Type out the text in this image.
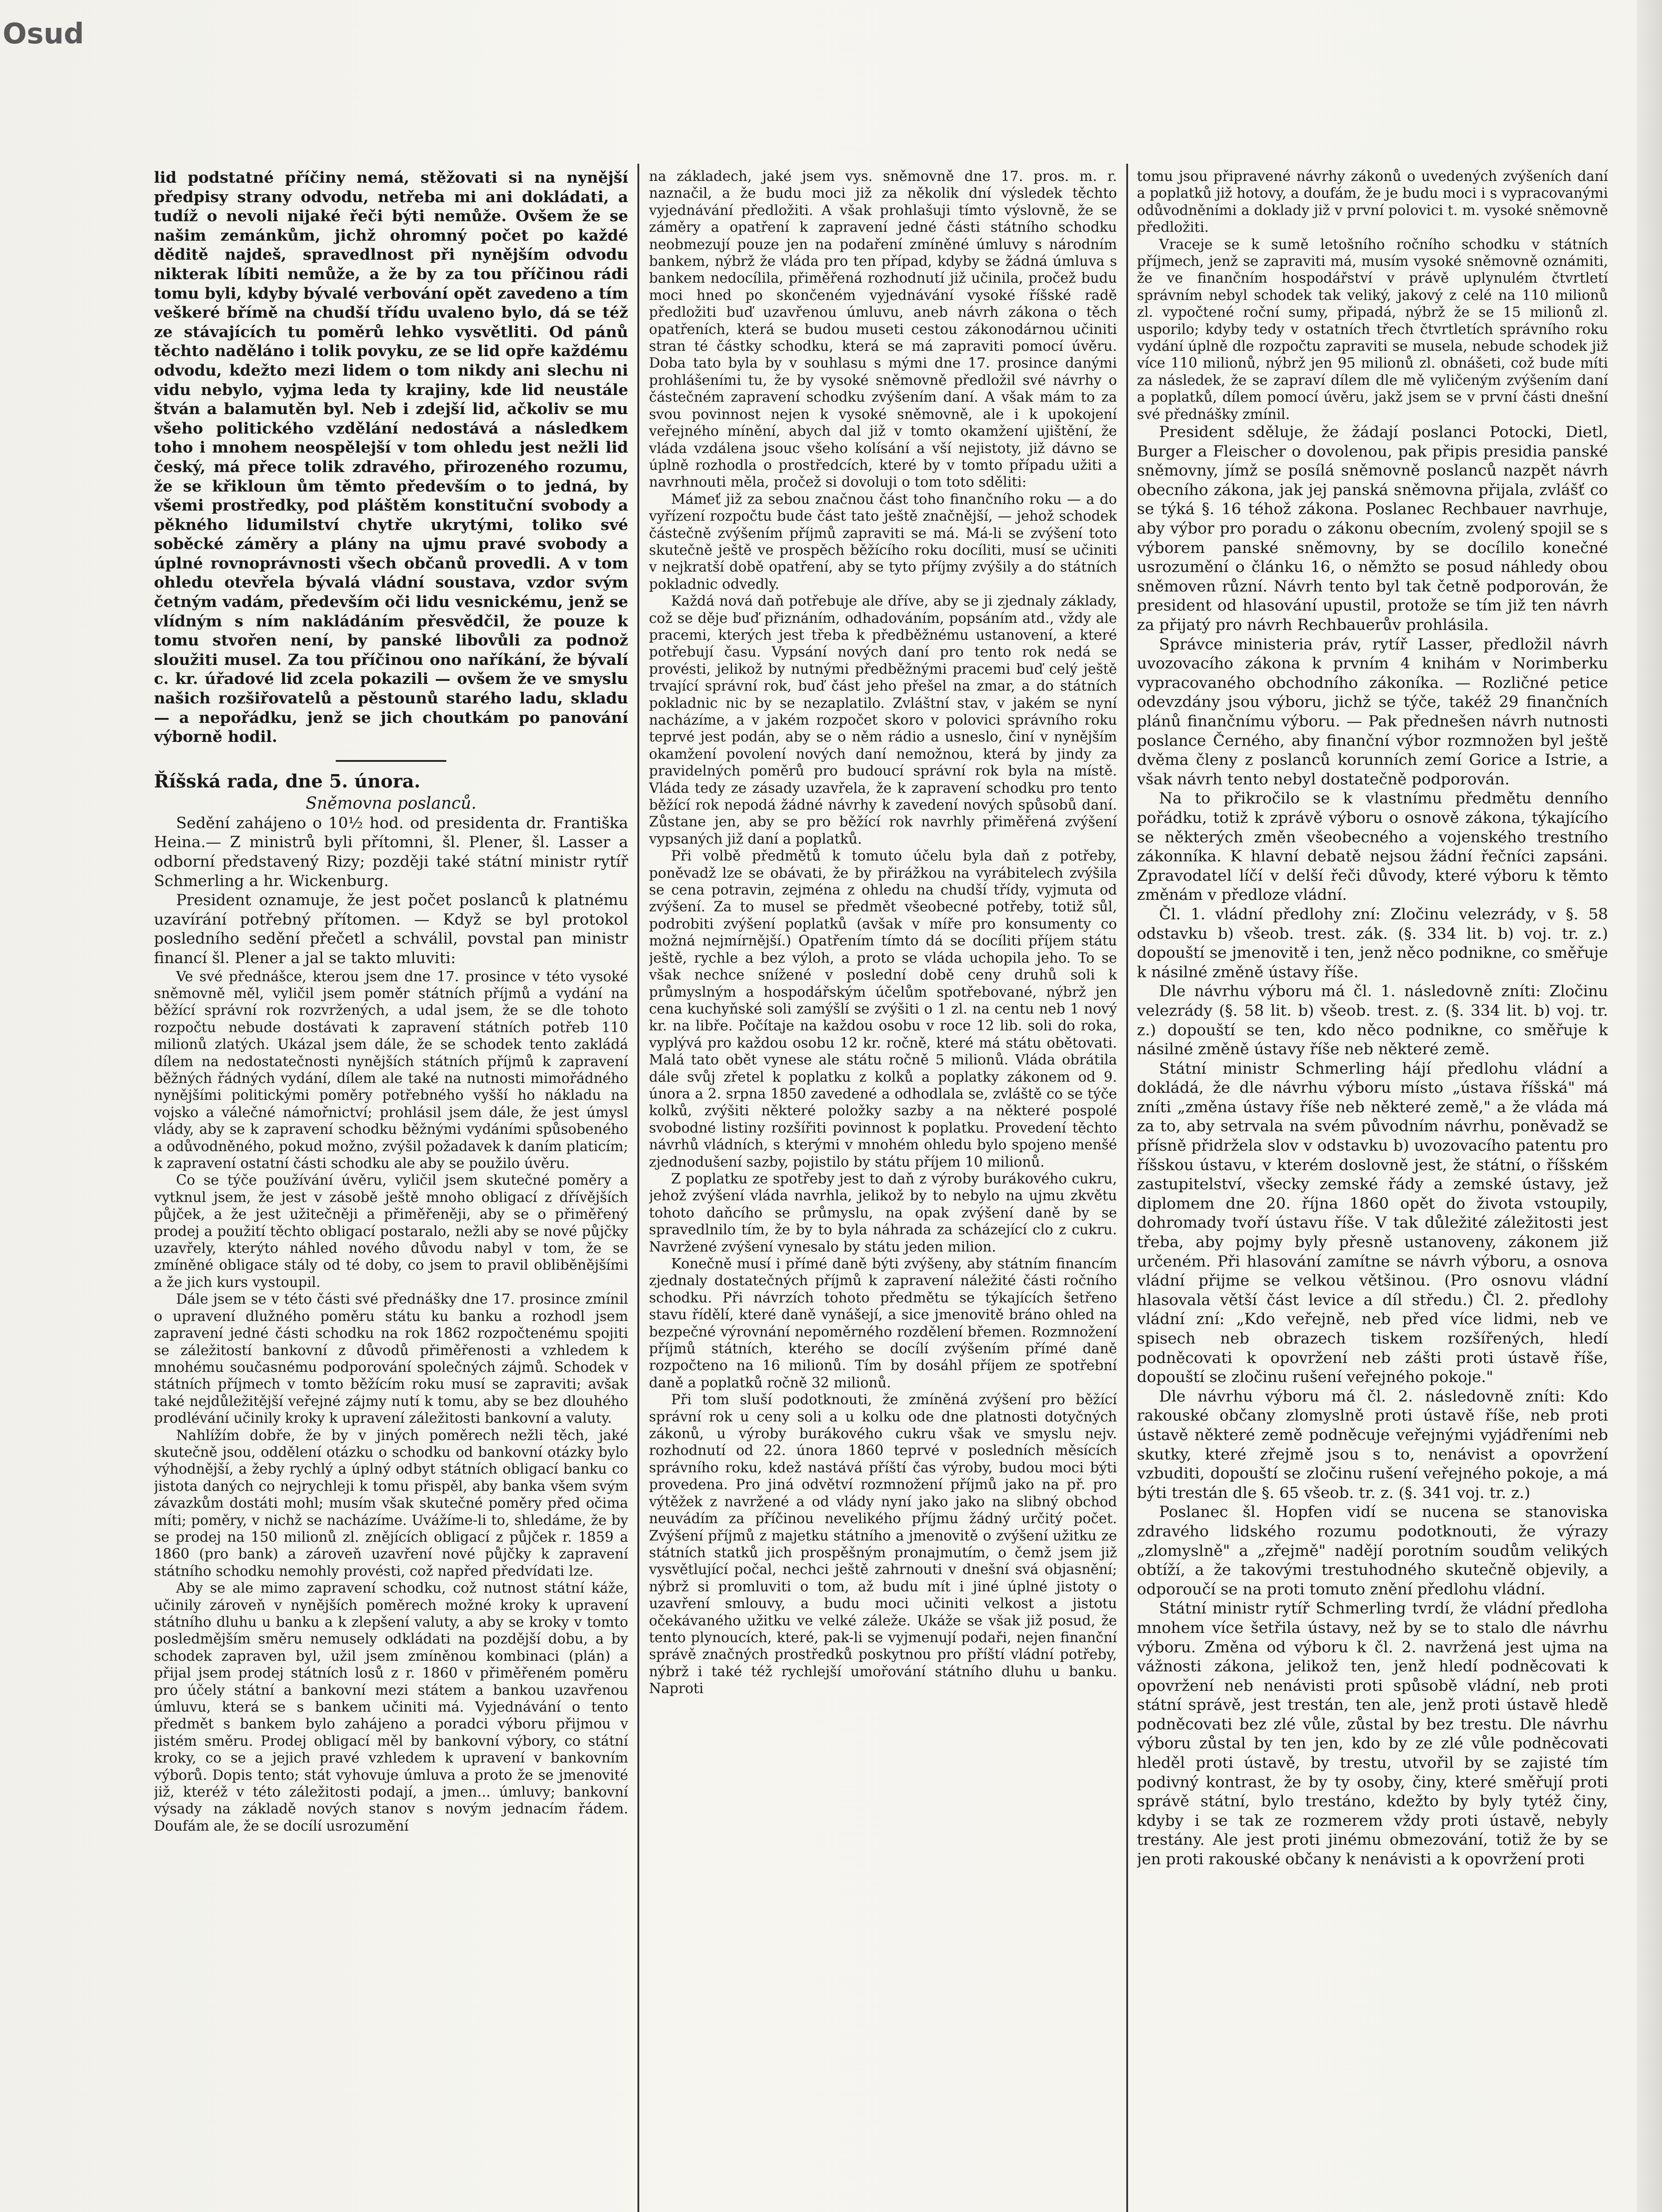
Osud

lid podstatné příčiny nemá, stěžovati si na nynější předpisy strany odvodu, netřeba mi ani dokládati, a tudíž o nevoli nijaké řeči býti nemůže. Ovšem že se našim zemánkům, jichž ohromný počet po každé děditě najdeš, spravedlnost při nynějším odvodu nikterak líbiti nemůže, a že by za tou příčinou rádi tomu byli, kdyby bývalé verbování opět zavedeno a tím veškeré břímě na chudší třídu uvaleno bylo, dá se též ze stávajících tu poměrů lehko vysvětliti. Od pánů těchto naděláno i tolik povyku, ze se lid opře každému odvodu, kdežto mezi lidem o tom nikdy ani slechu ni vidu nebylo, vyjma leda ty krajiny, kde lid neustále štván a balamutěn byl. Neb i zdejší lid, ačkoliv se mu všeho politického vzdělání nedostává a následkem toho i mnohem neospělejší v tom ohledu jest nežli lid český, má přece tolik zdravého, přirozeného rozumu, že se křikloun ům těmto především o to jedná, by všemi prostředky, pod pláštěm konstituční svobody a pěkného lidumilství chytře ukrytými, toliko své soběcké záměry a plány na ujmu pravé svobody a úplné rovnoprávnosti všech občanů provedli. A v tom ohledu otevřela bývalá vládní soustava, vzdor svým četným vadám, především oči lidu vesnickému, jenž se vlídným s ním nakládáním přesvědčil, že pouze k tomu stvořen není, by panské libovůli za podnož sloužiti musel. Za tou příčinou ono naříkání, že bývalí c. kr. úřadové lid zcela pokazili — ovšem že ve smyslu našich rozšiřovatelů a pěstounů starého ladu, skladu — a nepořádku, jenž se jich choutkám po panování výborně hodil.

Říšská rada, dne 5. února.
Sněmovna poslanců.

Sedění zahájeno o 10½ hod. od presidenta dr. Františka Heina.— Z ministrů byli přítomni, šl. Plener, šl. Lasser a odborní představený Rizy; později také státní ministr rytíř Schmerling a hr. Wickenburg.

President oznamuje, že jest počet poslanců k platnému uzavírání potřebný přítomen. — Když se byl protokol posledního sedění přečetl a schválil, povstal pan ministr financí šl. Plener a jal se takto mluviti:

Ve své přednášce, kterou jsem dne 17. prosince v této vysoké sněmovně měl, vyličil jsem poměr státních příjmů a vydání na běžící správní rok rozvržených, a udal jsem, že se dle tohoto rozpočtu nebude dostávati k zapravení státních potřeb 110 milionů zlatých. Ukázal jsem dále, že se schodek tento zakládá dílem na nedostatečnosti nynějších státních příjmů k zapravení běžných řádných vydání, dílem ale také na nutnosti mimořádného nynějšími politickými poměry potřebného vyšší ho nákladu na vojsko a válečné námořnictví; prohlásil jsem dále, že jest úmysl vlády, aby se k zapravení schodku běžnými vydáními spůsobeného a odůvodněného, pokud možno, zvýšil požadavek k daním platicím; k zapravení ostatní části schodku ale aby se použilo úvěru.

Co se týče používání úvěru, vyličil jsem skutečné poměry a vytknul jsem, že jest v zásobě ještě mnoho obligací z dřívějších půjček, a že jest užitečněji a přiměřeněji, aby se o přiměřený prodej a použití těchto obligací postaralo, nežli aby se nové půjčky uzavřely, kterýto náhled nového důvodu nabyl v tom, že se zmíněné obligace stály od té doby, co jsem to pravil obliběnějšími a že jich kurs vystoupil.

Dále jsem se v této části své přednášky dne 17. prosince zmínil o upravení dlužného poměru státu ku banku a rozhodl jsem zapravení jedné části schodku na rok 1862 rozpočtenému spojiti se záležitostí bankovní z důvodů přiměřenosti a vzhledem k mnohému současnému podporování společných zájmů. Schodek v státních příjmech v tomto běžícím roku musí se zapraviti; avšak také nejdůležitější veřejné zájmy nutí k tomu, aby se bez dlouhého prodlévání učinily kroky k upravení záležitosti bankovní a valuty.

Nahlížím dobře, že by v jiných poměrech nežli těch, jaké skutečně jsou, oddělení otázku o schodku od bankovní otázky bylo výhodnější, a žeby rychlý a úplný odbyt státních obligací banku co jistota daných co nejrychleji k tomu přispěl, aby banka všem svým závazkům dostáti mohl; musím však skutečné poměry před očima míti; poměry, v nichž se nacházíme. Uvážíme-li to, shledáme, že by se prodej na 150 milionů zl. znějících obligací z půjček r. 1859 a 1860 (pro bank) a zároveň uzavření nové půjčky k zapravení státního schodku nemohly provésti, což napřed předvídati lze.

Aby se ale mimo zapravení schodku, což nutnost státní káže, učinily zároveň v nynějších poměrech možné kroky k upravení státního dluhu u banku a k zlepšení valuty, a aby se kroky v tomto posledmějším směru nemusely odkládati na pozdější dobu, a by schodek zapraven byl, užil jsem zmíněnou kombinaci (plán) a přijal jsem prodej státních losů z r. 1860 v přiměřeném poměru pro účely státní a bankovní mezi státem a bankou uzavřenou úmluvu, která se s bankem učiniti má. Vyjednávání o tento předmět s bankem bylo zahájeno a poradci výboru přijmou v jistém směru. Prodej obligací měl by bankovní výbory, co státní kroky, co se a jejich pravé vzhledem k upravení v bankovním výborů. Dopis tento; stát vyhovuje úmluva a proto že se jmenovité již, kteréž v této záležitosti podají, a jmen... úmluvy; bankovní výsady na základě nových stanov s novým jednacím řádem. Doufám ale, že se docílí usrozumění

na základech, jaké jsem vys. sněmovně dne 17. pros. m. r. naznačil, a že budu moci již za několik dní výsledek těchto vyjednávání předložiti. A však prohlašuji tímto výslovně, že se záměry a opatření k zapravení jedné části státního schodku neobmezují pouze jen na podaření zmíněné úmluvy s národním bankem, nýbrž že vláda pro ten případ, kdyby se žádná úmluva s bankem nedocílila, přiměřená rozhodnutí již učinila, pročež budu moci hned po skončeném vyjednávání vysoké říšské radě předložiti buď uzavřenou úmluvu, aneb návrh zákona o těch opatřeních, která se budou museti cestou zákonodárnou učiniti stran té částky schodku, která se má zapraviti pomocí úvěru. Doba tato byla by v souhlasu s mými dne 17. prosince danými prohlášeními tu, že by vysoké sněmovně předložil své návrhy o částečném zapravení schodku zvýšením daní. A však mám to za svou povinnost nejen k vysoké sněmovně, ale i k upokojení veřejného mínění, abych dal již v tomto okamžení ujištění, že vláda vzdálena jsouc všeho kolísání a vší nejistoty, již dávno se úplně rozhodla o prostředcích, které by v tomto případu užiti a navrhnouti měla, pročež si dovoluji o tom toto sděliti:

Mámeť již za sebou značnou část toho finančního roku — a do vyřízení rozpočtu bude část tato ještě značnější, — jehož schodek částečně zvýšením příjmů zapraviti se má. Má-li se zvýšení toto skutečně ještě ve prospěch běžícího roku docíliti, musí se učiniti v nejkratší době opatření, aby se tyto příjmy zvýšily a do státních pokladnic odvedly.

Každá nová daň potřebuje ale dříve, aby se ji zjednaly základy, což se děje buď přiznáním, odhadováním, popsáním atd., vždy ale pracemi, kterých jest třeba k předběžnému ustanovení, a které potřebují času. Vypsání nových daní pro tento rok nedá se provésti, jelikož by nutnými předběžnými pracemi buď celý ještě trvající správní rok, buď část jeho přešel na zmar, a do státních pokladnic nic by se nezaplatilo. Zvláštní stav, v jakém se nyní nacházíme, a v jakém rozpočet skoro v polovici správního roku teprvé jest podán, aby se o něm rádio a usneslo, činí v nynějším okamžení povolení nových daní nemožnou, která by jindy za pravidelných poměrů pro budoucí správní rok byla na místě. Vláda tedy ze zásady uzavřela, že k zapravení schodku pro tento běžící rok nepodá žádné návrhy k zavedení nových spůsobů daní. Zůstane jen, aby se pro běžící rok navrhly přiměřená zvýšení vypsaných již daní a poplatků.

Při volbě předmětů k tomuto účelu byla daň z potřeby, poněvadž lze se obávati, že by přirážkou na vyrábitelech zvýšila se cena potravin, zejména z ohledu na chudší třídy, vyjmuta od zvýšení. Za to musel se předmět všeobecné potřeby, totiž sůl, podrobiti zvýšení poplatků (avšak v míře pro konsumenty co možná nejmírnější.) Opatřením tímto dá se docíliti příjem státu ještě, rychle a bez výloh, a proto se vláda uchopila jeho. To se však nechce snížené v poslední době ceny druhů soli k průmyslným a hospodářským účelům spotřebované, nýbrž jen cena kuchyňské soli zamýšlí se zvýšiti o 1 zl. na centu neb 1 nový kr. na libře. Počítaje na každou osobu v roce 12 lib. soli do roka, vyplývá pro každou osobu 12 kr. ročně, které má státu obětovati. Malá tato obět vynese ale státu ročně 5 milionů. Vláda obrátila dále svůj zřetel k poplatku z kolků a poplatky zákonem od 9. února a 2. srpna 1850 zavedené a odhodlala se, zvláště co se týče kolků, zvýšiti některé položky sazby a na některé pospolé svobodné listiny rozšířiti povinnost k poplatku. Provedení těchto návrhů vládních, s kterými v mnohém ohledu bylo spojeno menšé zjednodušení sazby, pojistilo by státu příjem 10 milionů.

Z poplatku ze spotřeby jest to daň z výroby burákového cukru, jehož zvýšení vláda navrhla, jelikož by to nebylo na ujmu zkvětu tohoto daňcího se průmyslu, na opak zvýšení daně by se spravedlnilo tím, že by to byla náhrada za scházející clo z cukru. Navržené zvýšení vynesalo by státu jeden milion.

Konečně musí i přímé daně býti zvýšeny, aby státním financím zjednaly dostatečných příjmů k zapravení náležité části ročního schodku. Při návrzích tohoto předmětu se týkajících šetřeno stavu řídělí, které daně vynášejí, a sice jmenovitě bráno ohled na bezpečné výrovnání nepoměrného rozdělení břemen. Rozmnožení příjmů státních, kterého se docílí zvýšením přímé daně rozpočteno na 16 milionů. Tím by dosáhl příjem ze spotřební daně a poplatků ročně 32 milionů.

Při tom sluší podotknouti, že zmíněná zvýšení pro běžící správní rok u ceny soli a u kolku ode dne platnosti dotyčných zákonů, u výroby burákového cukru však ve smyslu nejv. rozhodnutí od 22. února 1860 teprvé v posledních měsících správního roku, kdež nastává příští čas výroby, budou moci býti provedena. Pro jiná odvětví rozmnožení příjmů jako na př. pro výtěžek z navržené a od vlády nyní jako jako na slibný obchod neuvádím za příčinou nevelikého příjmu žádný určitý počet. Zvýšení příjmů z majetku státního a jmenovitě o zvýšení užitku ze státních statků jich prospěšným pronajmutím, o čemž jsem již vysvětlující počal, nechci ještě zahrnouti v dnešní svá objasnění; nýbrž si promluviti o tom, až budu mít i jiné úplné jistoty o uzavření smlouvy, a budu moci učiniti velkost a jistotu očekávaného užitku ve velké záleže. Ukáže se však již posud, že tento plynoucích, které, pak-li se vyjmenují podaři, nejen finanční správě značných prostředků poskytnou pro příští vládní potřeby, nýbrž i také též rychlejší umořování státního dluhu u banku. Naproti

tomu jsou připravené návrhy zákonů o uvedených zvýšeních daní a poplatků již hotovy, a doufám, že je budu moci i s vypracovanými odůvodněními a doklady již v první polovici t. m. vysoké sněmovně předložiti.

Vraceje se k sumě letošního ročního schodku v státních příjmech, jenž se zapraviti má, musím vysoké sněmovně oznámiti, že ve finančním hospodářství v právě uplynulém čtvrtletí správním nebyl schodek tak veliký, jakový z celé na 110 milionů zl. vypočtené roční sumy, připadá, nýbrž že se 15 milionů zl. usporilo; kdyby tedy v ostatních třech čtvrtletích správního roku vydání úplně dle rozpočtu zapraviti se musela, nebude schodek již více 110 milionů, nýbrž jen 95 milionů zl. obnášeti, což bude míti za následek, že se zapraví dílem dle mě vyličeným zvýšením daní a poplatků, dílem pomocí úvěru, jakž jsem se v první části dnešní své přednášky zmínil.

President sděluje, že žádají poslanci Potocki, Dietl, Burger a Fleischer o dovolenou, pak připis presidia panské sněmovny, jímž se posílá sněmovně poslanců nazpět návrh obecního zákona, jak jej panská sněmovna přijala, zvlášť co se týká §. 16 téhož zákona. Poslanec Rechbauer navrhuje, aby výbor pro poradu o zákonu obecním, zvolený spojil se s výborem panské sněmovny, by se docílilo konečné usrozumění o článku 16, o němžto se posud náhledy obou sněmoven různí. Návrh tento byl tak četně podporován, že president od hlasování upustil, protože se tím již ten návrh za přijatý pro návrh Rechbauerův prohlásila.

Správce ministeria práv, rytíř Lasser, předložil návrh uvozovacího zákona k prvním 4 knihám v Norimberku vypracovaného obchodního zákoníka. — Rozličné petice odevzdány jsou výboru, jichž se týče, takéž 29 finančních plánů finančnímu výboru. — Pak přednešen návrh nutnosti poslance Černého, aby finanční výbor rozmnožen byl ještě dvěma členy z poslanců korunních zemí Gorice a Istrie, a však návrh tento nebyl dostatečně podporován.

Na to přikročilo se k vlastnímu předmětu denního pořádku, totiž k zprávě výboru o osnově zákona, týkajícího se některých změn všeobecného a vojenského trestního zákonníka. K hlavní debatě nejsou žádní řečníci zapsáni. Zpravodatel líčí v delší řeči důvody, které výboru k těmto změnám v předloze vládní.

Čl. 1. vládní předlohy zní: Zločinu velezrády, v §. 58 odstavku b) všeob. trest. zák. (§. 334 lit. b) voj. tr. z.) dopouští se jmenovitě i ten, jenž něco podnikne, co směřuje k násilné změně ústavy říše.

Dle návrhu výboru má čl. 1. následovně zníti: Zločinu velezrády (§. 58 lit. b) všeob. trest. z. (§. 334 lit. b) voj. tr. z.) dopouští se ten, kdo něco podnikne, co směřuje k násilné změně ústavy říše neb některé země.

Státní ministr Schmerling hájí předlohu vládní a dokládá, že dle návrhu výboru místo „ústava říšská" má zníti „změna ústavy říše neb některé země," a že vláda má za to, aby setrvala na svém původním návrhu, poněvadž se přísně přidržela slov v odstavku b) uvozovacího patentu pro říšskou ústavu, v kterém doslovně jest, že státní, o říšském zastupitelství, všecky zemské řády a zemské ústavy, jež diplomem dne 20. října 1860 opět do života vstoupily, dohromady tvoří ústavu říše. V tak důležité záležitosti jest třeba, aby pojmy byly přesně ustanoveny, zákonem již určeném. Při hlasování zamítne se návrh výboru, a osnova vládní přijme se velkou většinou. (Pro osnovu vládní hlasovala větší část levice a díl středu.) Čl. 2. předlohy vládní zní: „Kdo veřejně, neb před více lidmi, neb ve spisech neb obrazech tiskem rozšířených, hledí podněcovati k opovržení neb zášti proti ústavě říše, dopouští se zločinu rušení veřejného pokoje."

Dle návrhu výboru má čl. 2. následovně zníti: Kdo rakouské občany zlomyslně proti ústavě říše, neb proti ústavě některé země podněcuje veřejnými vyjádřeními neb skutky, které zřejmě jsou s to, nenávist a opovržení vzbuditi, dopouští se zločinu rušení veřejného pokoje, a má býti trestán dle §. 65 všeob. tr. z. (§. 341 voj. tr. z.)

Poslanec šl. Hopfen vidí se nucena se stanoviska zdravého lidského rozumu podotknouti, že výrazy „zlomyslně" a „zřejmě" nadějí porotním soudům velikých obtíží, a že takovými trestuhodného skutečně objevily, a odporoučí se na proti tomuto znění předlohu vládní.

Státní ministr rytíř Schmerling tvrdí, že vládní předloha mnohem více šetřila ústavy, než by se to stalo dle návrhu výboru. Změna od výboru k čl. 2. navržená jest ujma na vážnosti zákona, jelikož ten, jenž hledí podněcovati k opovržení neb nenávisti proti spůsobě vládní, neb proti státní správě, jest trestán, ten ale, jenž proti ústavě hledě podněcovati bez zlé vůle, zůstal by bez trestu. Dle návrhu výboru zůstal by ten jen, kdo by ze zlé vůle podněcovati hleděl proti ústavě, by trestu, utvořil by se zajisté tím podivný kontrast, že by ty osoby, činy, které směřují proti správě státní, bylo trestáno, kdežto by byly tytéž činy, kdyby i se tak ze rozmerem vždy proti ústavě, nebyly trestány. Ale jest proti jinému obmezování, totiž že by se jen proti rakouské občany k nenávisti a k opovržení proti
